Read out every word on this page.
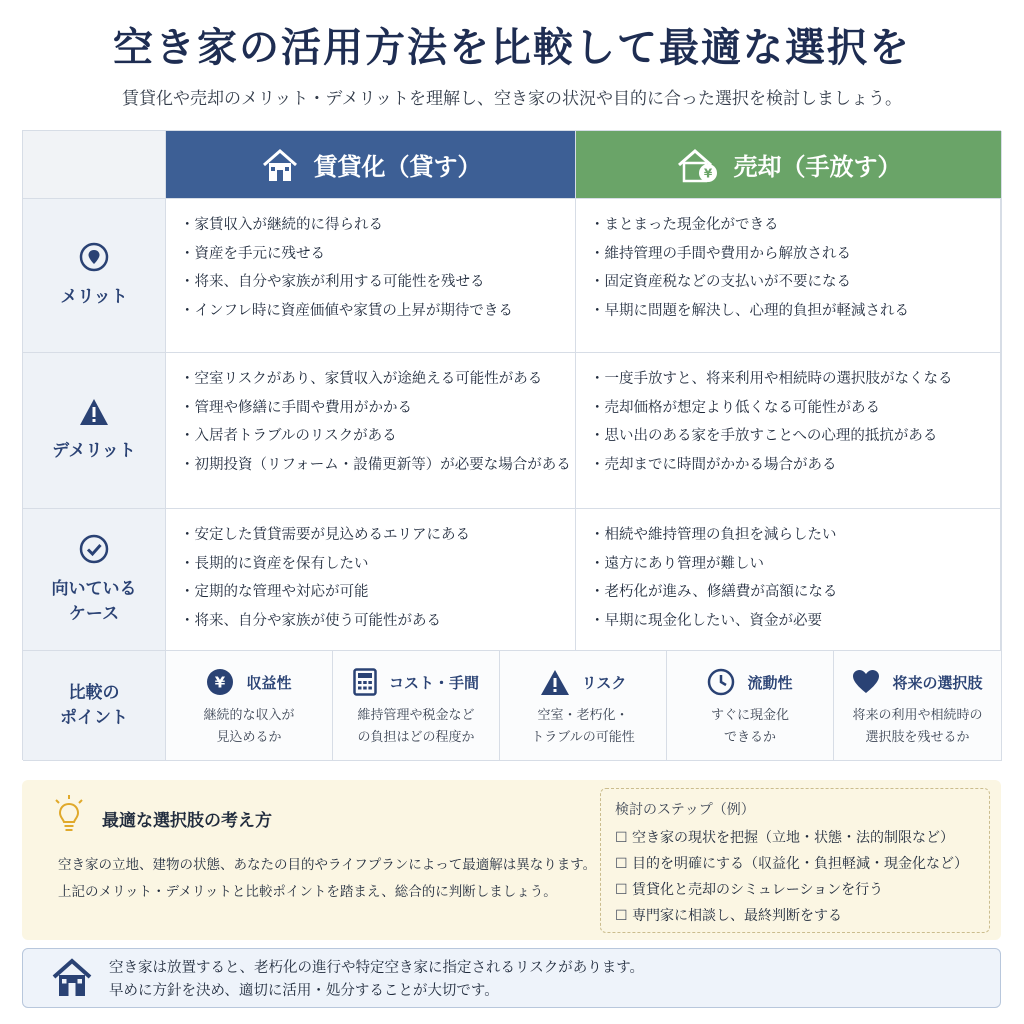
空き家の活用方法を比較して最適な選択を
賃貸化や売却のメリット・デメリットを理解し、空き家の状況や目的に合った選択を検討しましょう。
賃貸化（貸す）	¥ 売却（手放す）
メリット
・ 家賃収入が継続的に得られる
・ 資産を手元に残せる
・ 将来、自分や家族が利用する可能性を残せる
・ インフレ時に資産価値や家賃の上昇が期待できる
・ まとまった現金化ができる
・ 維持管理の手間や費用から解放される
・ 固定資産税などの支払いが不要になる
・ 早期に問題を解決し、心理的負担が軽減される
デメリット
・ 空室リスクがあり、家賃収入が途絶える可能性がある
・ 管理や修繕に手間や費用がかかる
・ 入居者トラブルのリスクがある
・ 初期投資（リフォーム・設備更新等）が必要な場合がある
・ 一度手放すと、将来利用や相続時の選択肢がなくなる
・ 売却価格が想定より低くなる可能性がある
・ 思い出のある家を手放すことへの心理的抵抗がある
・ 売却までに時間がかかる場合がある
向いている
ケース
・ 安定した賃貸需要が見込めるエリアにある
・ 長期的に資産を保有したい
・ 定期的な管理や対応が可能
・ 将来、自分や家族が使う可能性がある
・ 相続や維持管理の負担を減らしたい
・ 遠方にあり管理が難しい
・ 老朽化が進み、修繕費が高額になる
・ 早期に現金化したい、資金が必要
比較の
ポイント
¥ 収益性
継続的な収入が
見込めるか
コスト・手間
維持管理や税金など
の負担はどの程度か
リスク
空室・老朽化・
トラブルの可能性
流動性
すぐに現金化
できるか
将来の選択肢
将来の利用や相続時の
選択肢を残せるか
最適な選択肢の考え方
空き家の立地、建物の状態、あなたの目的やライフプランによって最適解は異なります。
上記のメリット・デメリットと比較ポイントを踏まえ、総合的に判断しましょう。
検討のステップ（例）
☐ 空き家の現状を把握（立地・状態・法的制限など）
☐ 目的を明確にする（収益化・負担軽減・現金化など）
☐ 賃貸化と売却のシミュレーションを行う
☐ 専門家に相談し、最終判断をする
空き家は放置すると、老朽化の進行や特定空き家に指定されるリスクがあります。
早めに方針を決め、適切に活用・処分することが大切です。
